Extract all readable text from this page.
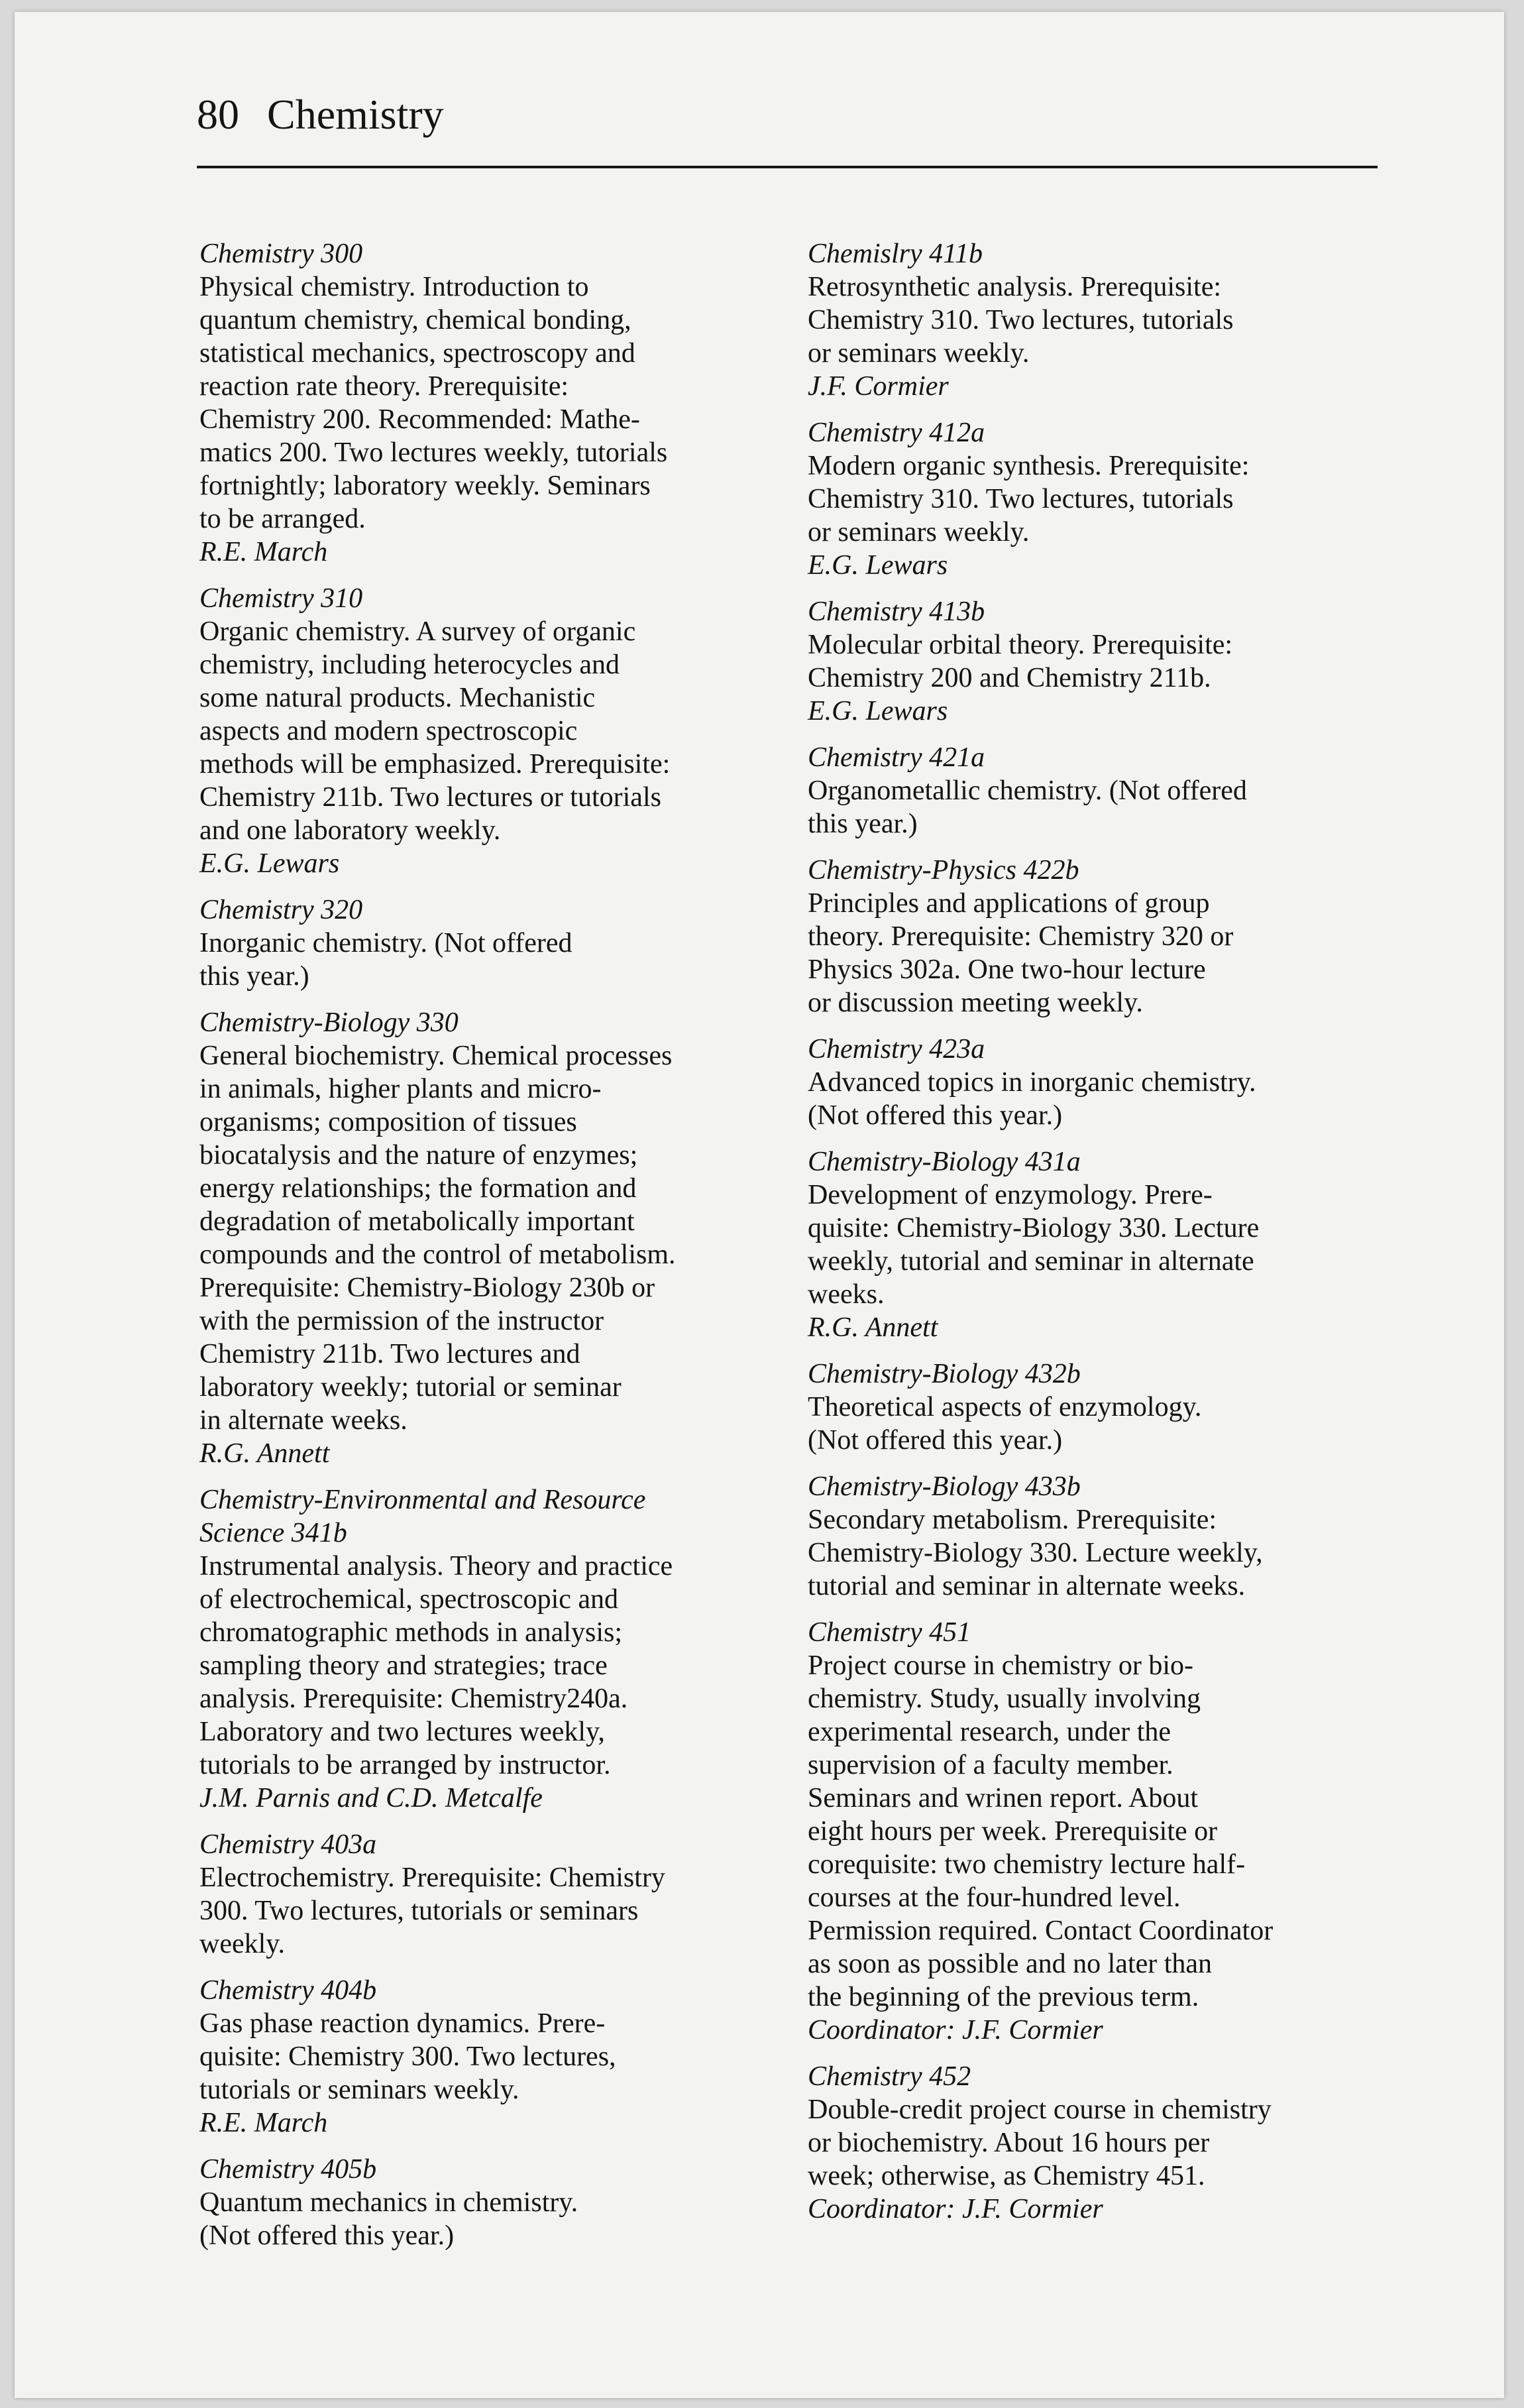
80 Chemistry
Chemistry 300
Physical chemistry. Introduction to
quantum chemistry, chemical bonding,
statistical mechanics, spectroscopy and
reaction rate theory. Prerequisite:
Chemistry 200. Recommended: Mathe-
matics 200. Two lectures weekly, tutorials
fortnightly; laboratory weekly. Seminars
to be arranged.
R.E. March
Chemistry 310
Organic chemistry. A survey of organic
chemistry, including heterocycles and
some natural products. Mechanistic
aspects and modern spectroscopic
methods will be emphasized. Prerequisite:
Chemistry 211b. Two lectures or tutorials
and one laboratory weekly.
E.G. Lewars
Chemistry 320
Inorganic chemistry. (Not offered
this year.)
Chemistry-Biology 330
General biochemistry. Chemical processes
in animals, higher plants and micro-
organisms; composition of tissues
biocatalysis and the nature of enzymes;
energy relationships; the formation and
degradation of metabolically important
compounds and the control of metabolism.
Prerequisite: Chemistry-Biology 230b or
with the permission of the instructor
Chemistry 211b. Two lectures and
laboratory weekly; tutorial or seminar
in alternate weeks.
R.G. Annett
Chemistry-Environmental and Resource
Science 341b
Instrumental analysis. Theory and practice
of electrochemical, spectroscopic and
chromatographic methods in analysis;
sampling theory and strategies; trace
analysis. Prerequisite: Chemistry240a.
Laboratory and two lectures weekly,
tutorials to be arranged by instructor.
J.M. Parnis and C.D. Metcalfe
Chemistry 403a
Electrochemistry. Prerequisite: Chemistry
300. Two lectures, tutorials or seminars
weekly.
Chemistry 404b
Gas phase reaction dynamics. Prere-
quisite: Chemistry 300. Two lectures,
tutorials or seminars weekly.
R.E. March
Chemistry 405b
Quantum mechanics in chemistry.
(Not offered this year.)
Chemislry 411b
Retrosynthetic analysis. Prerequisite:
Chemistry 310. Two lectures, tutorials
or seminars weekly.
J.F. Cormier
Chemistry 412a
Modern organic synthesis. Prerequisite:
Chemistry 310. Two lectures, tutorials
or seminars weekly.
E.G. Lewars
Chemistry 413b
Molecular orbital theory. Prerequisite:
Chemistry 200 and Chemistry 211b.
E.G. Lewars
Chemistry 421a
Organometallic chemistry. (Not offered
this year.)
Chemistry-Physics 422b
Principles and applications of group
theory. Prerequisite: Chemistry 320 or
Physics 302a. One two-hour lecture
or discussion meeting weekly.
Chemistry 423a
Advanced topics in inorganic chemistry.
(Not offered this year.)
Chemistry-Biology 431a
Development of enzymology. Prere-
quisite: Chemistry-Biology 330. Lecture
weekly, tutorial and seminar in alternate
weeks.
R.G. Annett
Chemistry-Biology 432b
Theoretical aspects of enzymology.
(Not offered this year.)
Chemistry-Biology 433b
Secondary metabolism. Prerequisite:
Chemistry-Biology 330. Lecture weekly,
tutorial and seminar in alternate weeks.
Chemistry 451
Project course in chemistry or bio-
chemistry. Study, usually involving
experimental research, under the
supervision of a faculty member.
Seminars and wrinen report. About
eight hours per week. Prerequisite or
corequisite: two chemistry lecture half-
courses at the four-hundred level.
Permission required. Contact Coordinator
as soon as possible and no later than
the beginning of the previous term.
Coordinator: J.F. Cormier
Chemistry 452
Double-credit project course in chemistry
or biochemistry. About 16 hours per
week; otherwise, as Chemistry 451.
Coordinator: J.F. Cormier
